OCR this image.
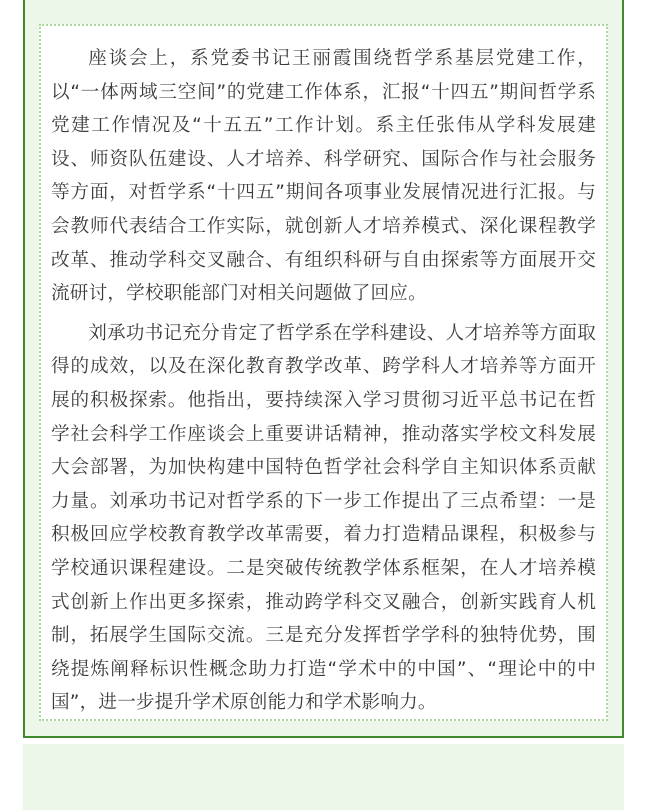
座谈会上，系党委书记王丽霞围绕哲学系基层党建工作，以“一体两域三空间”的党建工作体系，汇报“十四五”期间哲学系党建工作情况及“十五五”工作计划。系主任张伟从学科发展建设、师资队伍建设、人才培养、科学研究、国际合作与社会服务等方面，对哲学系“十四五”期间各项事业发展情况进行汇报。与会教师代表结合工作实际，就创新人才培养模式、深化课程教学改革、推动学科交叉融合、有组织科研与自由探索等方面展开交流研讨，学校职能部门对相关问题做了回应。

刘承功书记充分肯定了哲学系在学科建设、人才培养等方面取得的成效，以及在深化教育教学改革、跨学科人才培养等方面开展的积极探索。他指出，要持续深入学习贯彻习近平总书记在哲学社会科学工作座谈会上重要讲话精神，推动落实学校文科发展大会部署，为加快构建中国特色哲学社会科学自主知识体系贡献力量。刘承功书记对哲学系的下一步工作提出了三点希望：一是积极回应学校教育教学改革需要，着力打造精品课程，积极参与学校通识课程建设。二是突破传统教学体系框架，在人才培养模式创新上作出更多探索，推动跨学科交叉融合，创新实践育人机制，拓展学生国际交流。三是充分发挥哲学学科的独特优势，围绕提炼阐释标识性概念助力打造“学术中的中国”、“理论中的中国”，进一步提升学术原创能力和学术影响力。
